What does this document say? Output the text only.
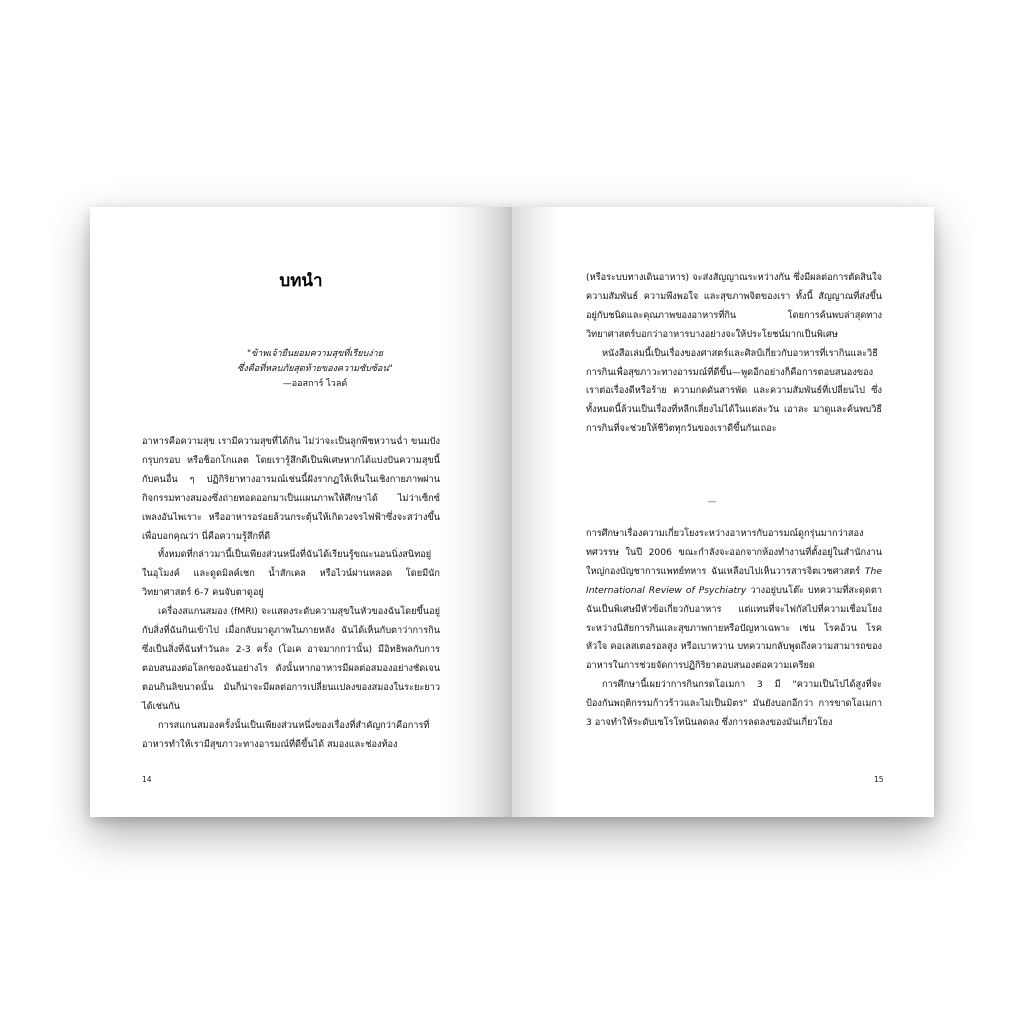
บทนำ
"ข้าพเจ้ายืนยอมความสุขที่เรียบง่าย
ซึ่งคือที่หลบภัยสุดท้ายของความซับซ้อน"
—ออสการ์ ไวลด์

อาหารคือความสุข เรามีความสุขที่ได้กิน ไม่ว่าจะเป็นลูกพีชหวานฉ่ำ ขนมปังกรุบกรอบ หรือช็อกโกแลต โดยเรารู้สึกดีเป็นพิเศษหากได้แบ่งปันความสุขนี้กับคนอื่น ๆ ปฏิกิริยาทางอารมณ์เช่นนี้ฝังรากฏให้เห็นในเชิงกายภาพผ่านกิจกรรมทางสมองซึ่งถ่ายทอดออกมาเป็นแผนภาพให้ศึกษาได้ ไม่ว่าเซ็กซ์ เพลงอันไพเราะ หรืออาหารอร่อยล้วนกระตุ้นให้เกิดวงจรไฟฟ้าซึ่งจะสว่างขึ้นเพื่อบอกคุณว่า นี่คือความรู้สึกที่ดี

ทั้งหมดที่กล่าวมานี้เป็นเพียงส่วนหนึ่งที่ฉันได้เรียนรู้ขณะนอนนิ่งสนิทอยู่ในอุโมงค์ และดูดมิลค์เชก น้ำสักเคล หรือไวน์ผ่านหลอด โดยมีนักวิทยาศาสตร์ 6-7 คนจับตาดูอยู่

เครื่องสแกนสมอง (fMRI) จะแสดงระดับความสุขในหัวของฉันโดยขึ้นอยู่กับสิ่งที่ฉันกินเข้าไป เมื่อกลับมาดูภาพในภายหลัง ฉันได้เห็นกับตาว่าการกินซึ่งเป็นสิ่งที่ฉันทำวันละ 2-3 ครั้ง (โอเค อาจมากกว่านั้น) มีอิทธิพลกับการตอบสนองต่อโลกของฉันอย่างไร ดังนั้นหากอาหารมีผลต่อสมองอย่างชัดเจนตอนกินลิขนาดนั้น มันก็น่าจะมีผลต่อการเปลี่ยนแปลงของสมองในระยะยาวได้เช่นกัน

การสแกนสมองครั้งนั้นเป็นเพียงส่วนหนึ่งของเรื่องที่สำคัญกว่าคือการที่อาหารทำให้เรามีสุขภาวะทางอารมณ์ที่ดีขึ้นได้ สมองและช่องท้อง

14

(หรือระบบทางเดินอาหาร) จะส่งสัญญาณระหว่างกัน ซึ่งมีผลต่อการตัดสินใจ ความสัมพันธ์ ความพึงพอใจ และสุขภาพจิตของเรา ทั้งนี้ สัญญาณที่ส่งขึ้นอยู่กับชนิดและคุณภาพของอาหารที่กิน โดยการค้นพบล่าสุดทางวิทยาศาสตร์บอกว่าอาหารบางอย่างจะให้ประโยชน์มากเป็นพิเศษ

หนังสือเล่มนี้เป็นเรื่องของศาสตร์และศิลป์เกี่ยวกับอาหารที่เรากินและวิธีการกินเพื่อสุขภาวะทางอารมณ์ที่ดีขึ้น—พูดอีกอย่างก็คือการตอบสนองของเราต่อเรื่องดีหรือร้าย ความกดดันสารพัด และความสัมพันธ์ที่เปลี่ยนไป ซึ่งทั้งหมดนี้ล้วนเป็นเรื่องที่หลีกเลี่ยงไม่ได้ในแต่ละวัน เอาละ มาดูและค้นพบวิธีการกินที่จะช่วยให้ชีวิตทุกวันของเราดีขึ้นกันเถอะ

—

การศึกษาเรื่องความเกี่ยวโยงระหว่างอาหารกับอารมณ์ดูกรุ่นมากว่าสองทศวรรษ ในปี 2006 ขณะกำลังจะออกจากห้องทำงานที่ตั้งอยู่ในสำนักงานใหญ่กองบัญชาการแพทย์ทหาร ฉันเหลือบไปเห็นวารสารจิตเวชศาสตร์ The International Review of Psychiatry วางอยู่บนโต๊ะ บทความที่สะดุดตาฉันเป็นพิเศษมีหัวข้อเกี่ยวกับอาหาร แต่แทนที่จะไฟกัสไปที่ความเชื่อมโยงระหว่างนิสัยการกินและสุขภาพกายหรือปัญหาเฉพาะ เช่น โรคอ้วน โรคหัวใจ คอเลสเตอรอลสูง หรือเบาหวาน บทความกลับพูดถึงความสามารถของอาหารในการช่วยจัดการปฏิกิริยาตอบสนองต่อความเครียด

การศึกษานี้เผยว่าการกินกรดโอเมกา 3 มี "ความเป็นไปได้สูงที่จะป้องกันพฤติกรรมก้าวร้าวและไม่เป็นมิตร" มันยังบอกอีกว่า การขาดโอเมกา 3 อาจทำให้ระดับเซโรโทนินลดลง ซึ่งการลดลงของมันเกี่ยวโยง

15
